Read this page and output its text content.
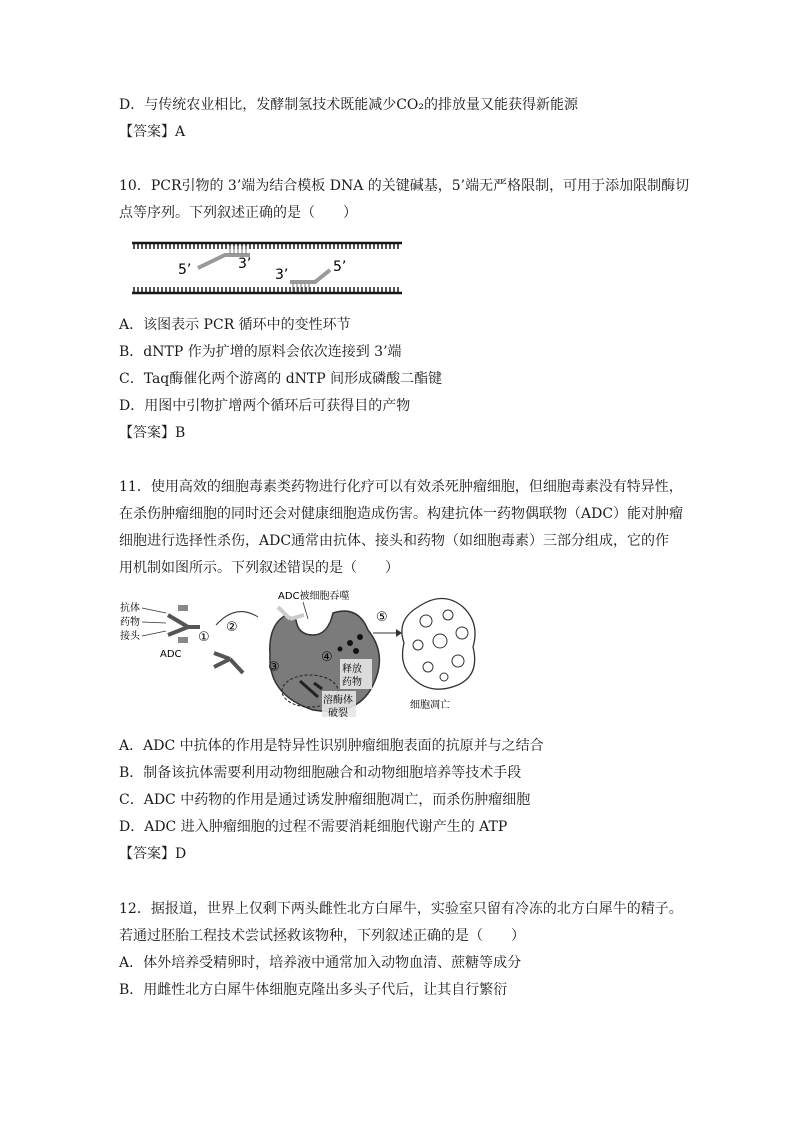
D．与传统农业相比，发酵制氢技术既能减少CO₂的排放量又能获得新能源
【答案】A
10．PCR引物的 3’端为结合模板 DNA 的关键碱基，5’端无严格限制，可用于添加限制酶切
点等序列。下列叙述正确的是（　　）
5’	3’
3’	5’
A．该图表示 PCR 循环中的变性环节
B．dNTP 作为扩增的原料会依次连接到 3’端
C．Taq酶催化两个游离的 dNTP 间形成磷酸二酯键
D．用图中引物扩增两个循环后可获得目的产物
【答案】B
11．使用高效的细胞毒素类药物进行化疗可以有效杀死肿瘤细胞，但细胞毒素没有特异性，
在杀伤肿瘤细胞的同时还会对健康细胞造成伤害。构建抗体一药物偶联物（ADC）能对肿瘤
细胞进行选择性杀伤，ADC通常由抗体、接头和药物（如细胞毒素）三部分组成，它的作
用机制如图所示。下列叙述错误的是（　　）
抗体
药物
接头
ADC
①
②
ADC被细胞吞噬
③
④
释放
药物
溶酶体
破裂
⑤
细胞凋亡
A．ADC 中抗体的作用是特异性识别肿瘤细胞表面的抗原并与之结合
B．制备该抗体需要利用动物细胞融合和动物细胞培养等技术手段
C．ADC 中药物的作用是通过诱发肿瘤细胞凋亡，而杀伤肿瘤细胞
D．ADC 进入肿瘤细胞的过程不需要消耗细胞代谢产生的 ATP
【答案】D
12．据报道，世界上仅剩下两头雌性北方白犀牛，实验室只留有冷冻的北方白犀牛的精子。
若通过胚胎工程技术尝试拯救该物种，下列叙述正确的是（　　）
A．体外培养受精卵时，培养液中通常加入动物血清、蔗糖等成分
B．用雌性北方白犀牛体细胞克隆出多头子代后，让其自行繁衍
